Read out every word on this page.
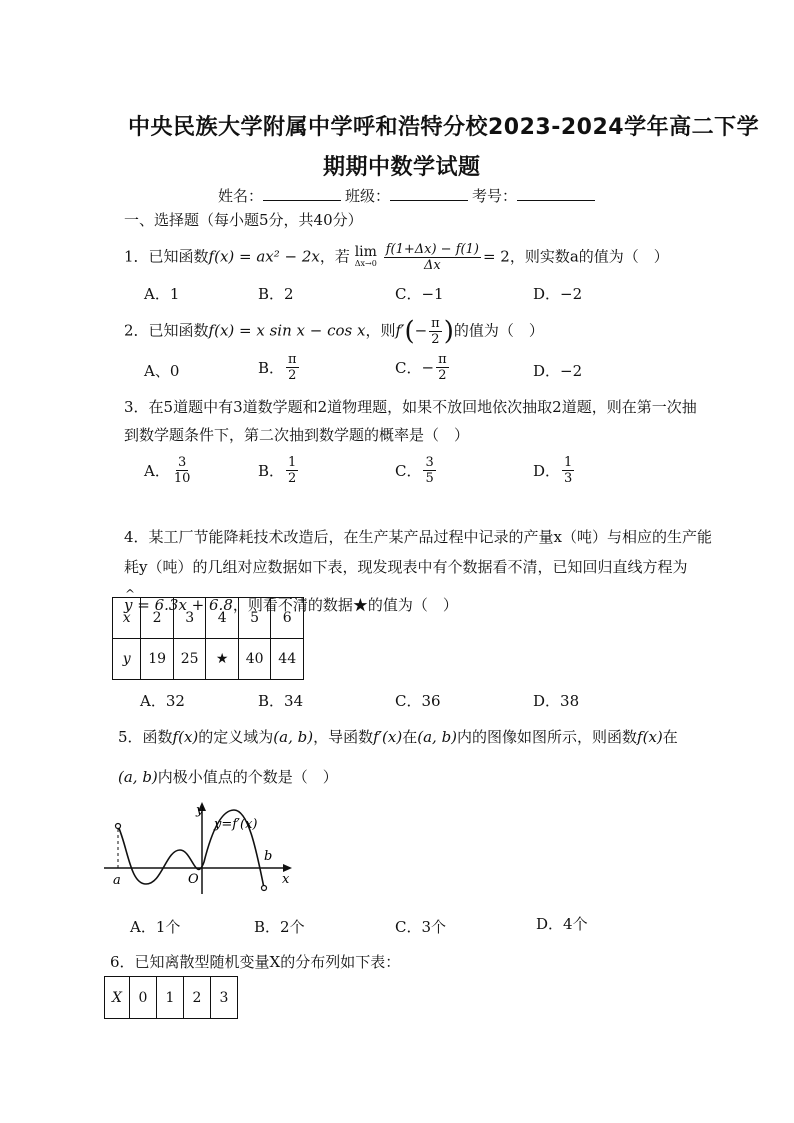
中央民族大学附属中学呼和浩特分校2023-2024学年高二下学
期期中数学试题
姓名：	班级：	考号：
一、选择题（每小题5分，共40分）
1．已知函数f(x) = ax² − 2x，若 lim
Δx→0
$\frac{f(1+\Delta x) - f(1)}{\Delta x} = 2$，则实数a的值为（　）
A．1	B．2	C．−1	D．−2
2．已知函数f(x) = x sin x − cos x，则$f'(- \frac{\pi}{2}$ )的值为（　）
A、0	B． $\frac{\pi}{2}$	C．− $\frac{\pi}{2}$	D．−2
3．在5道题中有3道数学题和2道物理题，如果不放回地依次抽取2道题，则在第一次抽
到数学题条件下，第二次抽到数学题的概率是（　）
A． $\frac{3}{10}$	B． $\frac{1}{2}$	C． $\frac{3}{5}$	D． $\frac{1}{3}$
4．某工厂节能降耗技术改造后，在生产某产品过程中记录的产量x（吨）与相应的生产能
耗y（吨）的几组对应数据如下表，现发现表中有个数据看不清，已知回归直线方程为
^ y = 6.3x + 6.8，则看不清的数据★的值为（　）
x	2	3	4	5	6
y	19	25	★	40	44
A．32	B．34	C．36	D．38
5．函数f(x)的定义域为(a, b)，导函数f′(x)在(a, b)内的图像如图所示，则函数f(x)在
(a, b)内极小值点的个数是（　）
y
x
O
a
b
y=f′(x)
A．1个	B．2个	C．3个	D．4个
6．已知离散型随机变量X的分布列如下表：
X	0	1	2	3
